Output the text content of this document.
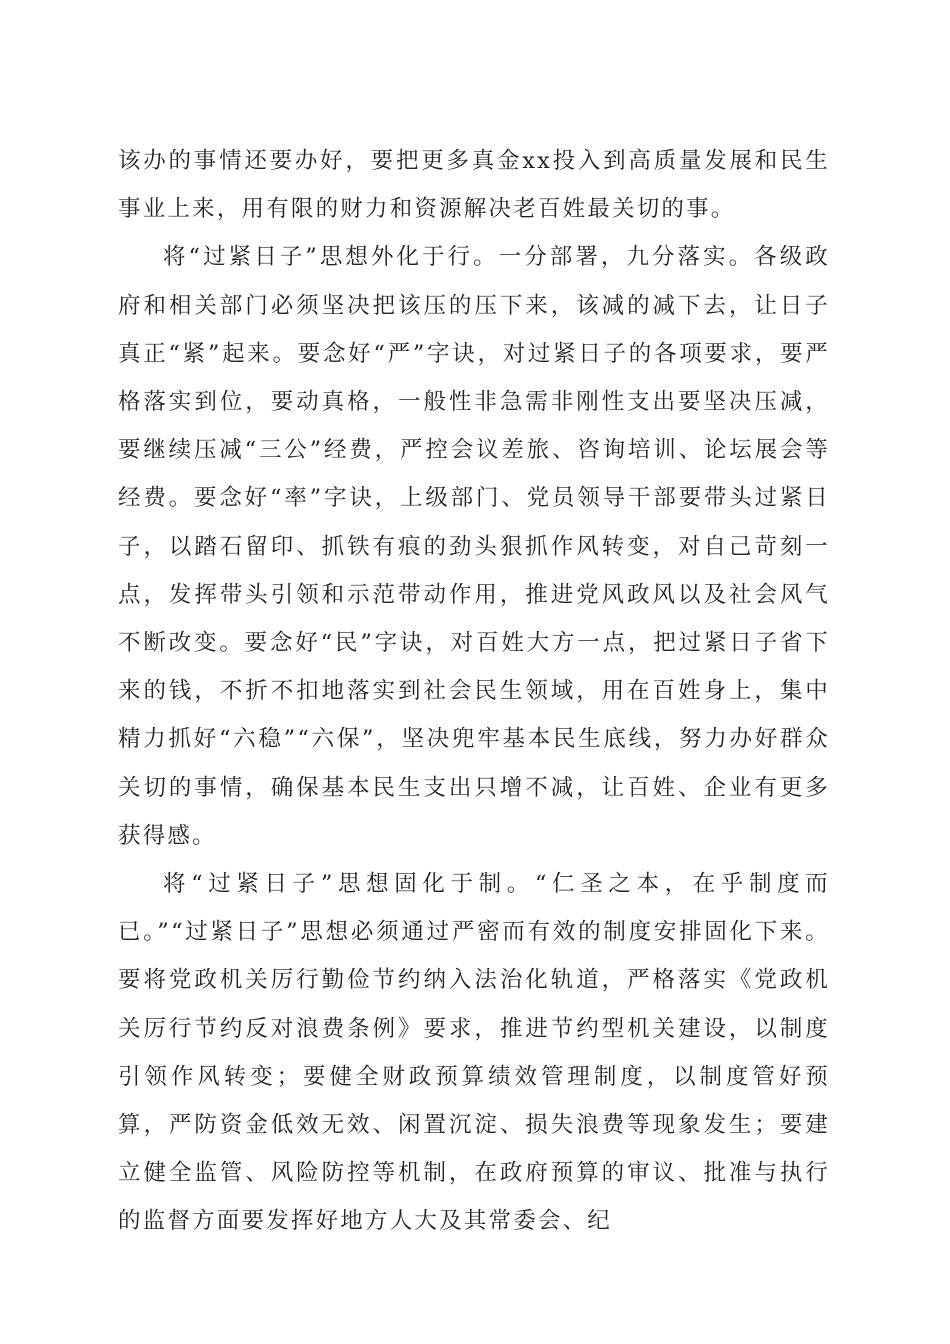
该办的事情还要办好，要把更多真金xx投入到高质量发展和民生事业上来，用有限的财力和资源解决老百姓最关切的事。

将“过紧日子”思想外化于行。一分部署，九分落实。各级政府和相关部门必须坚决把该压的压下来，该减的减下去，让日子真正“紧”起来。要念好“严”字诀，对过紧日子的各项要求，要严格落实到位，要动真格，一般性非急需非刚性支出要坚决压减，要继续压减“三公”经费，严控会议差旅、咨询培训、论坛展会等经费。要念好“率”字诀，上级部门、党员领导干部要带头过紧日子，以踏石留印、抓铁有痕的劲头狠抓作风转变，对自己苛刻一点，发挥带头引领和示范带动作用，推进党风政风以及社会风气不断改变。要念好“民”字诀，对百姓大方一点，把过紧日子省下来的钱，不折不扣地落实到社会民生领域，用在百姓身上，集中精力抓好“六稳”“六保”，坚决兜牢基本民生底线，努力办好群众关切的事情，确保基本民生支出只增不减，让百姓、企业有更多获得感。

将“过紧日子”思想固化于制。“仁圣之本，在乎制度而已。”“过紧日子”思想必须通过严密而有效的制度安排固化下来。要将党政机关厉行勤俭节约纳入法治化轨道，严格落实《党政机关厉行节约反对浪费条例》要求，推进节约型机关建设，以制度引领作风转变；要健全财政预算绩效管理制度，以制度管好预算，严防资金低效无效、闲置沉淀、损失浪费等现象发生；要建立健全监管、风险防控等机制，在政府预算的审议、批准与执行的监督方面要发挥好地方人大及其常委会、纪
